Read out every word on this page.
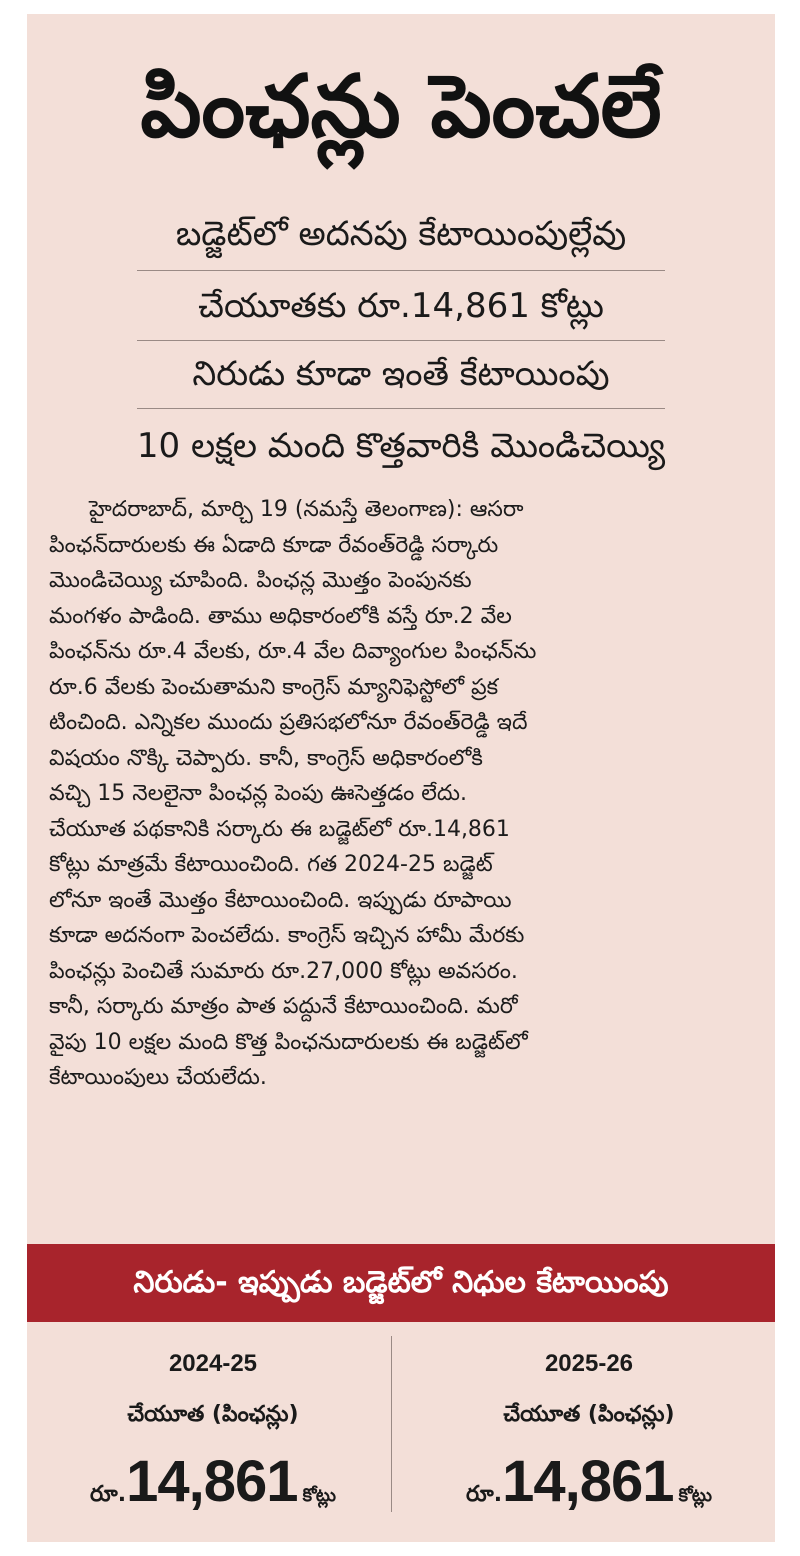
పింఛన్లు పెంచలే
బడ్జెట్‌లో అదనపు కేటాయింపుల్లేవు
చేయూతకు రూ.14,861 కోట్లు
నిరుడు కూడా ఇంతే కేటాయింపు
10 లక్షల మంది కొత్తవారికి మొండిచెయ్యి
హైదరాబాద్, మార్చి 19 (నమస్తే తెలంగాణ): ఆసరా
పింఛన్‌దారులకు ఈ ఏడాది కూడా రేవంత్‌రెడ్డి సర్కారు
మొండిచెయ్యి చూపింది. పింఛన్ల మొత్తం పెంపునకు
మంగళం పాడింది. తాము అధికారంలోకి వస్తే రూ.2 వేల
పింఛన్‌ను రూ.4 వేలకు, రూ.4 వేల దివ్యాంగుల పింఛన్‌ను
రూ.6 వేలకు పెంచుతామని కాంగ్రెస్ మ్యానిఫెస్టోలో ప్రక
టించింది. ఎన్నికల ముందు ప్రతిసభలోనూ రేవంత్‌రెడ్డి ఇదే
విషయం నొక్కి చెప్పారు. కానీ, కాంగ్రెస్ అధికారంలోకి
వచ్చి 15 నెలలైనా పింఛన్ల పెంపు ఊసెత్తడం లేదు.
చేయూత పథకానికి సర్కారు ఈ బడ్జెట్‌లో రూ.14,861
కోట్లు మాత్రమే కేటాయించింది. గత 2024-25 బడ్జెట్
లోనూ ఇంతే మొత్తం కేటాయించింది. ఇప్పుడు రూపాయి
కూడా అదనంగా పెంచలేదు. కాంగ్రెస్ ఇచ్చిన హామీ మేరకు
పింఛన్లు పెంచితే సుమారు రూ.27,000 కోట్లు అవసరం.
కానీ, సర్కారు మాత్రం పాత పద్దునే కేటాయించింది. మరో
వైపు 10 లక్షల మంది కొత్త పింఛనుదారులకు ఈ బడ్జెట్‌లో
కేటాయింపులు చేయలేదు.
నిరుడు- ఇప్పుడు బడ్జెట్‌లో నిధుల కేటాయింపు
2024-25
చేయూత (పింఛన్లు)
రూ.14,861 కోట్లు
2025-26
చేయూత (పింఛన్లు)
రూ.14,861 కోట్లు
